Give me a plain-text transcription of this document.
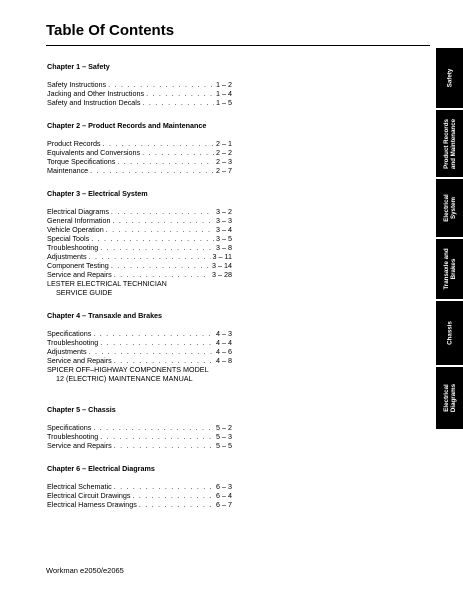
Table Of Contents
Chapter 1 – Safety
Safety Instructions . . .	1 – 2
Jacking and Other Instructions . . .	1 – 4
Safety and Instruction Decals . . .	1 – 5
Chapter 2 – Product Records and Maintenance
Product Records . . .	2 – 1
Equivalents and Conversions . . .	2 – 2
Torque Specifications . . .	2 – 3
Maintenance . . .	2 – 7
Chapter 3 – Electrical System
Electrical Diagrams . . .	3 – 2
General Information . . .	3 – 3
Vehicle Operation . . .	3 – 4
Special Tools . . .	3 – 5
Troubleshooting . . .	3 – 8
Adjustments . . .	3 – 11
Component Testing . . .	3 – 14
Service and Repairs . . .	3 – 28
LESTER ELECTRICAL TECHNICIAN
SERVICE GUIDE
Chapter 4 – Transaxle and Brakes
Specifications . . .	4 – 3
Troubleshooting . . .	4 – 4
Adjustments . . .	4 – 6
Service and Repairs . . .	4 – 8
SPICER OFF–HIGHWAY COMPONENTS MODEL
12 (ELECTRIC) MAINTENANCE MANUAL
Chapter 5 – Chassis
Specifications . . .	5 – 2
Troubleshooting . . .	5 – 3
Service and Repairs . . .	5 – 5
Chapter 6 – Electrical Diagrams
Electrical Schematic . . .	6 – 3
Electrical Circuit Drawings . . .	6 – 4
Electrical Harness Drawings . . .	6 – 7
Safety
Product Records
and Maintenance
Electrical
System
Transaxle and
Brakes
Chassis
Electrical
Diagrams
Workman e2050/e2065
